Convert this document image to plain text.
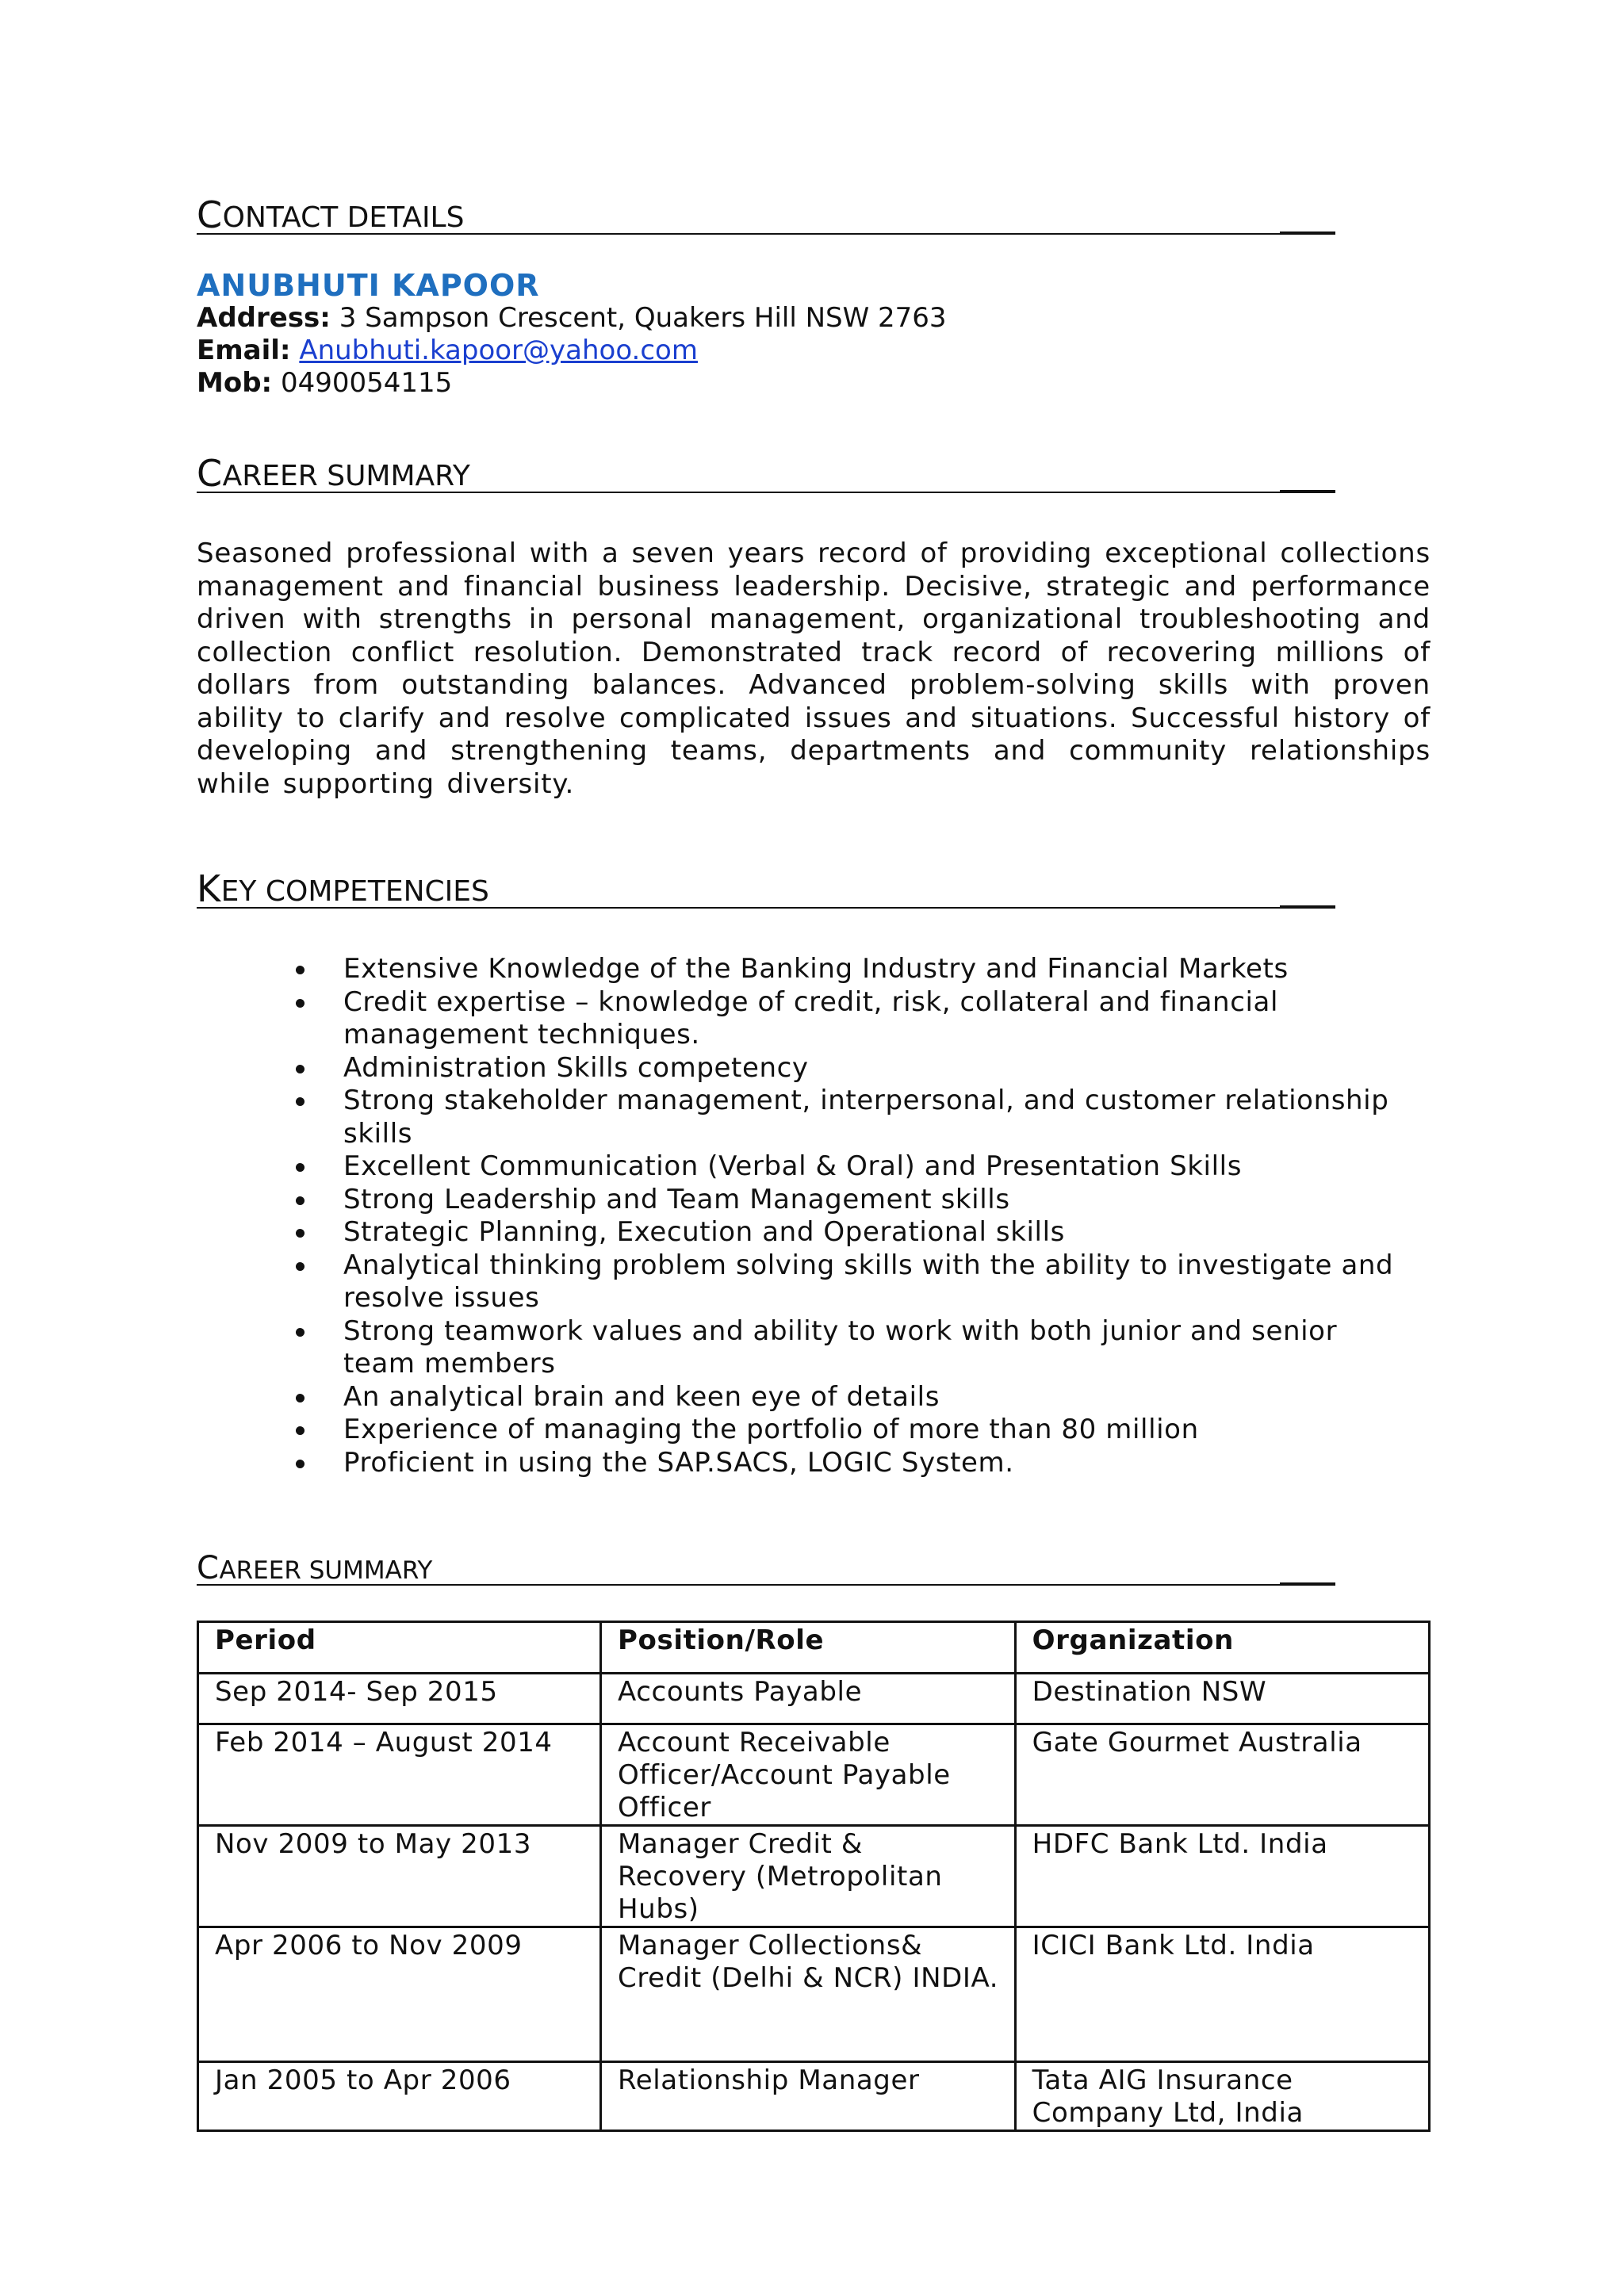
C ONTACT DETAILS
ANUBHUTI KAPOOR
Address: 3 Sampson Crescent, Quakers Hill NSW 2763
Email: Anubhuti.kapoor@yahoo.com
Mob: 0490054115
C AREER SUMMARY

Seasoned professional with a seven years record of providing exceptional collections management and financial business leadership. Decisive, strategic and performance driven with strengths in personal management, organizational troubleshooting and collection conflict resolution. Demonstrated track record of recovering millions of dollars from outstanding balances. Advanced problem-solving skills with proven ability to clarify and resolve complicated issues and situations. Successful history of developing and strengthening teams, departments and community relationships while supporting diversity.

K EY COMPETENCIES
Extensive Knowledge of the Banking Industry and Financial Markets
Credit expertise – knowledge of credit, risk, collateral and financial management techniques.
Administration Skills competency
Strong stakeholder management, interpersonal, and customer relationship skills
Excellent Communication (Verbal & Oral) and Presentation Skills
Strong Leadership and Team Management skills
Strategic Planning, Execution and Operational skills
Analytical thinking problem solving skills with the ability to investigate and resolve issues
Strong teamwork values and ability to work with both junior and senior team members
An analytical brain and keen eye of details
Experience of managing the portfolio of more than 80 million
Proficient in using the SAP.SACS, LOGIC System.
C AREER SUMMARY
Period	Position/Role	Organization
Sep 2014- Sep 2015	Accounts Payable	Destination NSW
Feb 2014 – August 2014	Account Receivable Officer/Account Payable Officer	Gate Gourmet Australia
Nov 2009 to May 2013	Manager Credit & Recovery (Metropolitan Hubs)	HDFC Bank Ltd. India
Apr 2006 to Nov 2009	Manager Collections& Credit (Delhi & NCR) INDIA.	ICICI Bank Ltd. India
Jan 2005 to Apr 2006	Relationship Manager	Tata AIG Insurance Company Ltd, India
